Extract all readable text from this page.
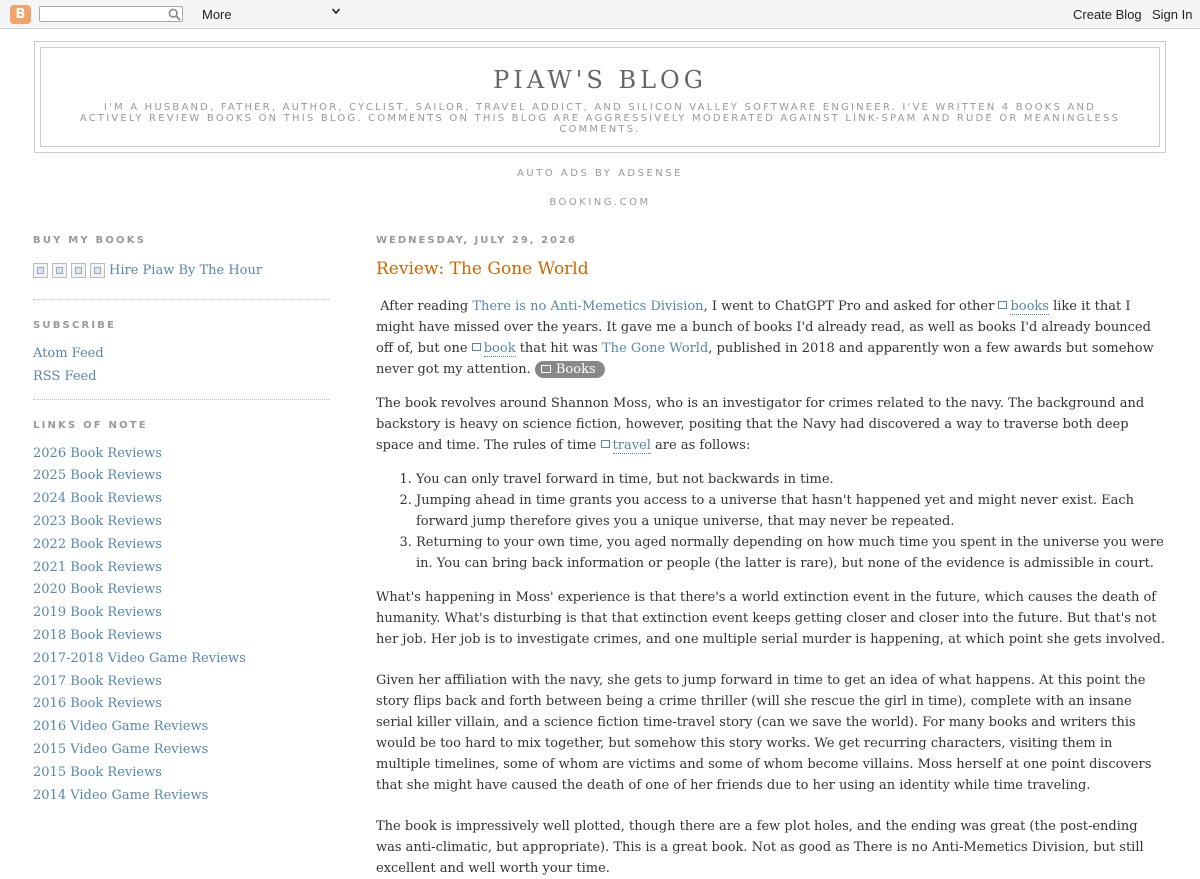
B	More	Create Blog Sign In
PIAW'S BLOG
I'M A HUSBAND, FATHER, AUTHOR, CYCLIST, SAILOR, TRAVEL ADDICT, AND SILICON VALLEY SOFTWARE ENGINEER. I'VE WRITTEN 4 BOOKS AND ACTIVELY REVIEW BOOKS ON THIS BLOG. COMMENTS ON THIS BLOG ARE AGGRESSIVELY MODERATED AGAINST LINK-SPAM AND RUDE OR MEANINGLESS COMMENTS.
AUTO ADS BY ADSENSE
BOOKING.COM
BUY MY BOOKS
Hire Piaw By The Hour
SUBSCRIBE
Atom Feed
RSS Feed
LINKS OF NOTE
2026 Book Reviews
2025 Book Reviews
2024 Book Reviews
2023 Book Reviews
2022 Book Reviews
2021 Book Reviews
2020 Book Reviews
2019 Book Reviews
2018 Book Reviews
2017-2018 Video Game Reviews
2017 Book Reviews
2016 Book Reviews
2016 Video Game Reviews
2015 Video Game Reviews
2015 Book Reviews
2014 Video Game Reviews
WEDNESDAY, JULY 29, 2026
Review: The Gone World

After reading There is no Anti-Memetics Division, I went to ChatGPT Pro and asked for other books like it that I might have missed over the years. It gave me a bunch of books I'd already read, as well as books I'd already bounced off of, but one book that hit was The Gone World, published in 2018 and apparently won a few awards but somehow never got my attention. Books

The book revolves around Shannon Moss, who is an investigator for crimes related to the navy. The background and backstory is heavy on science fiction, however, positing that the Navy had discovered a way to traverse both deep space and time. The rules of time travel are as follows:

1. You can only travel forward in time, but not backwards in time.
2. Jumping ahead in time grants you access to a universe that hasn't happened yet and might never exist. Each forward jump therefore gives you a unique universe, that may never be repeated.
3. Returning to your own time, you aged normally depending on how much time you spent in the universe you were in. You can bring back information or people (the latter is rare), but none of the evidence is admissible in court.

What's happening in Moss' experience is that there's a world extinction event in the future, which causes the death of humanity. What's disturbing is that that extinction event keeps getting closer and closer into the future. But that's not her job. Her job is to investigate crimes, and one multiple serial murder is happening, at which point she gets involved.

Given her affiliation with the navy, she gets to jump forward in time to get an idea of what happens. At this point the story flips back and forth between being a crime thriller (will she rescue the girl in time), complete with an insane serial killer villain, and a science fiction time-travel story (can we save the world). For many books and writers this would be too hard to mix together, but somehow this story works. We get recurring characters, visiting them in multiple timelines, some of whom are victims and some of whom become villains. Moss herself at one point discovers that she might have caused the death of one of her friends due to her using an identity while time traveling.

The book is impressively well plotted, though there are a few plot holes, and the ending was great (the post-ending was anti-climatic, but appropriate). This is a great book. Not as good as There is no Anti-Memetics Division, but still excellent and well worth your time.
